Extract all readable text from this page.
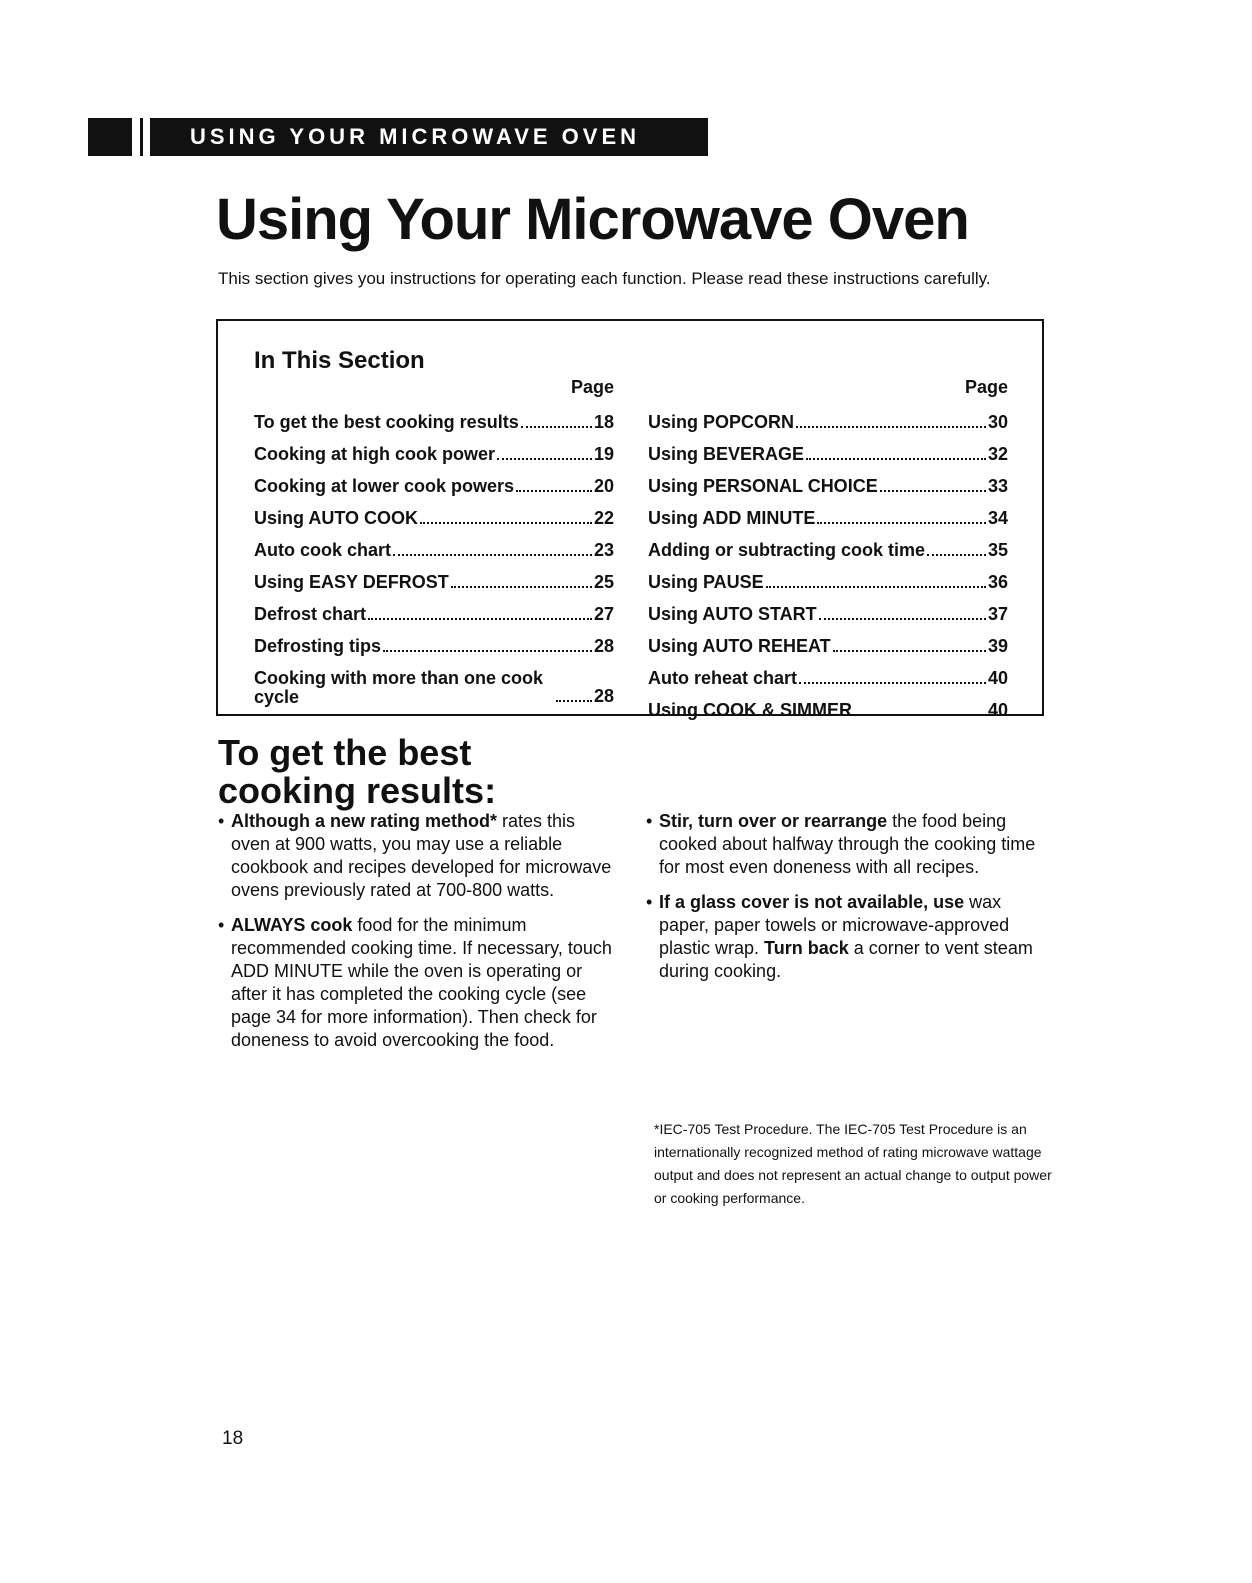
USING YOUR MICROWAVE OVEN
Using Your Microwave Oven

This section gives you instructions for operating each function. Please read these instructions carefully.

In This Section
Page
To get the best cooking results	18
Cooking at high cook power	19
Cooking at lower cook powers	20
Using AUTO COOK	22
Auto cook chart	23
Using EASY DEFROST	25
Defrost chart	27
Defrosting tips	28
Cooking with more than one cook cycle	28
Page
Using POPCORN	30
Using BEVERAGE	32
Using PERSONAL CHOICE	33
Using ADD MINUTE	34
Adding or subtracting cook time	35
Using PAUSE	36
Using AUTO START	37
Using AUTO REHEAT	39
Auto reheat chart	40
Using COOK & SIMMER	40
To get the best cooking results:
• Although a new rating method* rates this oven at 900 watts, you may use a reliable cookbook and recipes developed for microwave ovens previously rated at 700-800 watts.
• ALWAYS cook food for the minimum recommended cooking time. If necessary, touch ADD MINUTE while the oven is operating or after it has completed the cooking cycle (see page 34 for more information). Then check for doneness to avoid overcooking the food.
• Stir, turn over or rearrange the food being cooked about halfway through the cooking time for most even doneness with all recipes.
• If a glass cover is not available, use wax paper, paper towels or microwave-approved plastic wrap. Turn back a corner to vent steam during cooking.

*IEC-705 Test Procedure. The IEC-705 Test Procedure is an internationally recognized method of rating microwave wattage output and does not represent an actual change to output power or cooking performance.

18
